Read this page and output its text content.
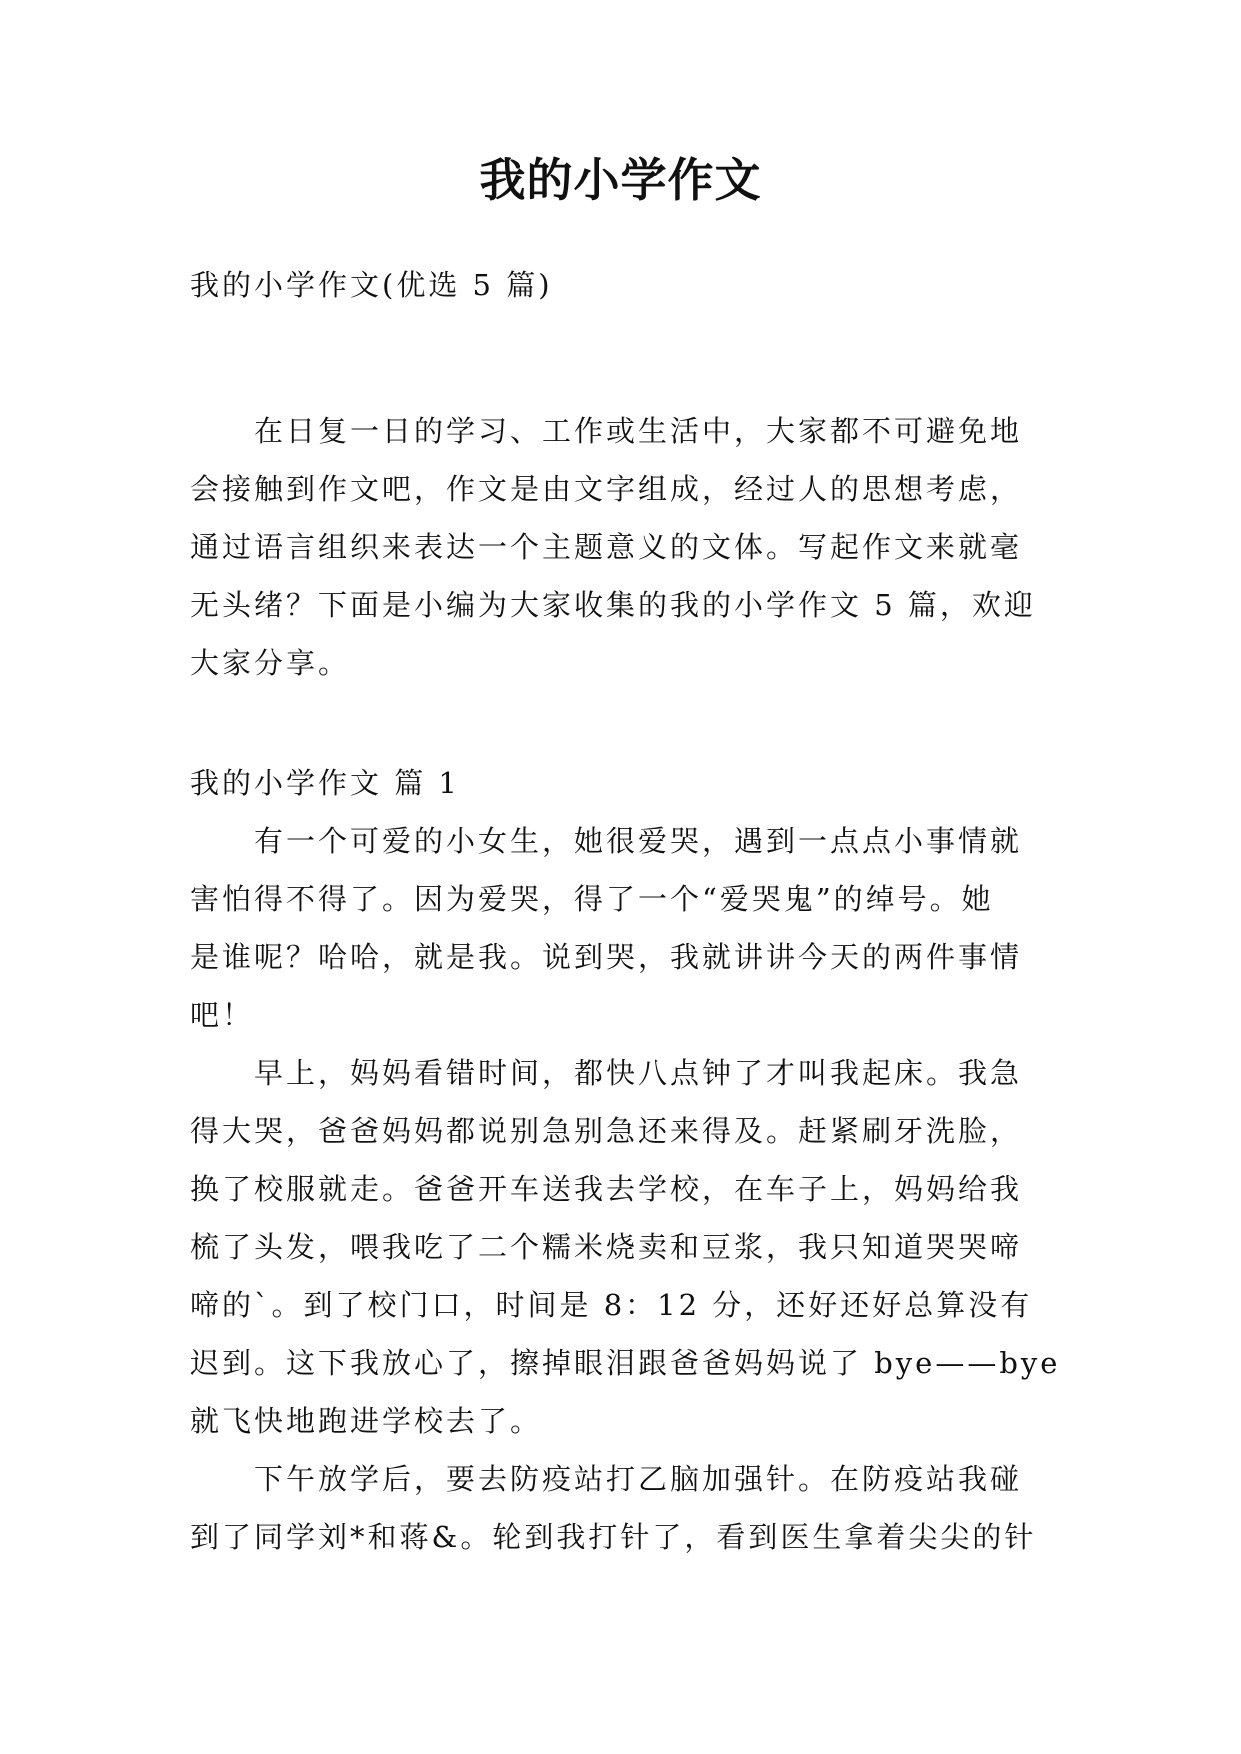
我的小学作文

我的小学作文(优选 5 篇)

　　在日复一日的学习、工作或生活中，大家都不可避免地
会接触到作文吧，作文是由文字组成，经过人的思想考虑，
通过语言组织来表达一个主题意义的文体。写起作文来就毫
无头绪？下面是小编为大家收集的我的小学作文 5 篇，欢迎
大家分享。

我的小学作文 篇 1

　　有一个可爱的小女生，她很爱哭，遇到一点点小事情就
害怕得不得了。因为爱哭，得了一个“爱哭鬼”的绰号。她
是谁呢？哈哈，就是我。说到哭，我就讲讲今天的两件事情
吧！
　　早上，妈妈看错时间，都快八点钟了才叫我起床。我急
得大哭，爸爸妈妈都说别急别急还来得及。赶紧刷牙洗脸，
换了校服就走。爸爸开车送我去学校，在车子上，妈妈给我
梳了头发，喂我吃了二个糯米烧卖和豆浆，我只知道哭哭啼
啼的`。到了校门口，时间是 8：12 分，还好还好总算没有
迟到。这下我放心了，擦掉眼泪跟爸爸妈妈说了 bye——bye
就飞快地跑进学校去了。
　　下午放学后，要去防疫站打乙脑加强针。在防疫站我碰
到了同学刘*和蒋&。轮到我打针了，看到医生拿着尖尖的针
